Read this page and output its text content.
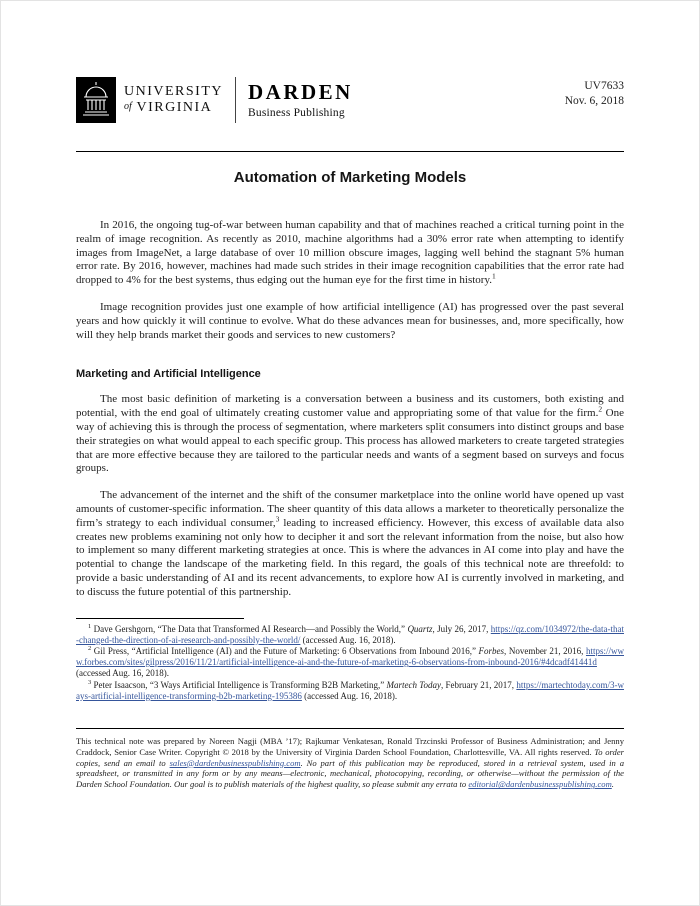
UNIVERSITY
of VIRGINIA
DARDEN
Business Publishing
UV7633
Nov. 6, 2018
Automation of Marketing Models

In 2016, the ongoing tug-of-war between human capability and that of machines reached a critical turning point in the realm of image recognition. As recently as 2010, machine algorithms had a 30% error rate when attempting to identify images from ImageNet, a large database of over 10 million obscure images, lagging well behind the stagnant 5% human error rate. By 2016, however, machines had made such strides in their image recognition capabilities that the error rate had dropped to 4% for the best systems, thus edging out the human eye for the first time in history.$^1$

Image recognition provides just one example of how artificial intelligence (AI) has progressed over the past several years and how quickly it will continue to evolve. What do these advances mean for businesses, and, more specifically, how will they help brands market their goods and services to new customers?

Marketing and Artificial Intelligence

The most basic definition of marketing is a conversation between a business and its customers, both existing and potential, with the end goal of ultimately creating customer value and appropriating some of that value for the firm.$^2$ One way of achieving this is through the process of segmentation, where marketers split consumers into distinct groups and base their strategies on what would appeal to each specific group. This process has allowed marketers to create targeted strategies that are more effective because they are tailored to the particular needs and wants of a segment based on surveys and focus groups.

The advancement of the internet and the shift of the consumer marketplace into the online world have opened up vast amounts of customer-specific information. The sheer quantity of this data allows a marketer to theoretically personalize the firm’s strategy to each individual consumer,$^3$ leading to increased efficiency. However, this excess of available data also creates new problems examining not only how to decipher it and sort the relevant information from the noise, but also how to implement so many different marketing strategies at once. This is where the advances in AI come into play and have the potential to change the landscape of the marketing field. In this regard, the goals of this technical note are threefold: to provide a basic understanding of AI and its recent advancements, to explore how AI is currently involved in marketing, and to discuss the future potential of this partnership.

$^1$ Dave Gershgorn, “The Data that Transformed AI Research—and Possibly the World,” Quartz, July 26, 2017, https://qz.com/1034972/the-data-that-changed-the-direction-of-ai-research-and-possibly-the-world/ (accessed Aug. 16, 2018).

$^2$ Gil Press, “Artificial Intelligence (AI) and the Future of Marketing: 6 Observations from Inbound 2016,” Forbes, November 21, 2016, https://www.forbes.com/sites/gilpress/2016/11/21/artificial-intelligence-ai-and-the-future-of-marketing-6-observations-from-inbound-2016/#4dcadf41441d (accessed Aug. 16, 2018).

$^3$ Peter Isaacson, “3 Ways Artificial Intelligence is Transforming B2B Marketing,” Martech Today, February 21, 2017, https://martechtoday.com/3-ways-artificial-intelligence-transforming-b2b-marketing-195386 (accessed Aug. 16, 2018).

This technical note was prepared by Noreen Nagji (MBA ’17); Rajkumar Venkatesan, Ronald Trzcinski Professor of Business Administration; and Jenny Craddock, Senior Case Writer. Copyright © 2018 by the University of Virginia Darden School Foundation, Charlottesville, VA. All rights reserved. To order copies, send an email to sales@dardenbusinesspublishing.com. No part of this publication may be reproduced, stored in a retrieval system, used in a spreadsheet, or transmitted in any form or by any means—electronic, mechanical, photocopying, recording, or otherwise—without the permission of the Darden School Foundation. Our goal is to publish materials of the highest quality, so please submit any errata to editorial@dardenbusinesspublishing.com.
